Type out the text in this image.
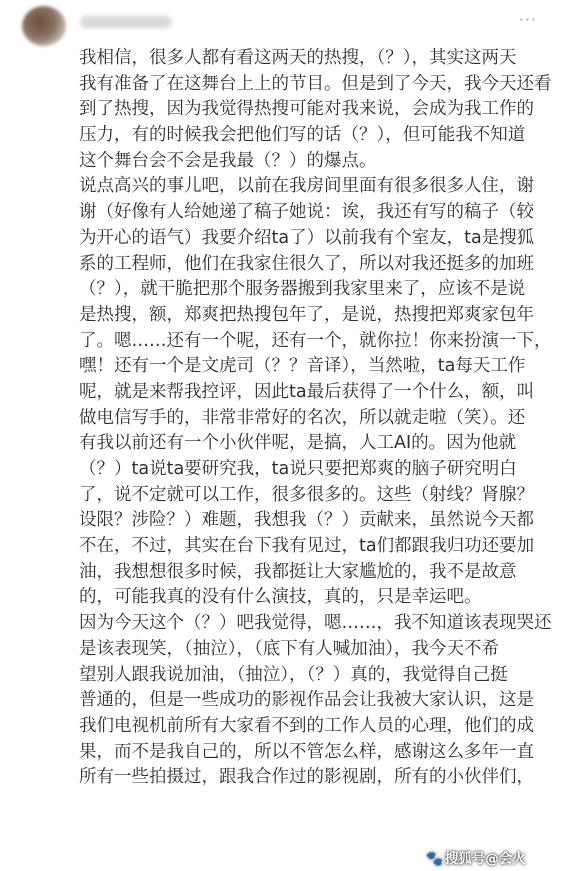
···
我相信，很多人都有看这两天的热搜，（？），其实这两天
我有准备了在这舞台上上的节目。但是到了今天，我今天还看
到了热搜，因为我觉得热搜可能对我来说，会成为我工作的
压力，有的时候我会把他们写的话（？），但可能我不知道
这个舞台会不会是我最（？）的爆点。
说点高兴的事儿吧，以前在我房间里面有很多很多人住，谢
谢（好像有人给她递了稿子她说：诶，我还有写的稿子（较
为开心的语气）我要介绍ta了）以前我有个室友，ta是搜狐
系的工程师，他们在我家住很久了，所以对我还挺多的加班
（？），就干脆把那个服务器搬到我家里来了，应该不是说
是热搜，额，郑爽把热搜包年了，是说，热搜把郑爽家包年
了。嗯……还有一个呢，还有一个，就你拉！你来扮演一下，
嘿！还有一个是文虎司（？？音译），当然啦，ta每天工作
呢，就是来帮我控评，因此ta最后获得了一个什么，额，叫
做电信写手的，非常非常好的名次，所以就走啦（笑）。还
有我以前还有一个小伙伴呢，是搞，人工AI的。因为他就
（？）ta说ta要研究我，ta说只要把郑爽的脑子研究明白
了，说不定就可以工作，很多很多的。这些（射线？肾腺？
设限？涉险？）难题，我想我（？）贡献来，虽然说今天都
不在，不过，其实在台下我有见过，ta们都跟我归功还要加
油，我想想很多时候，我都挺让大家尴尬的，我不是故意
的，可能我真的没有什么演技，真的，只是幸运吧。
因为今天这个（？）吧我觉得，嗯……，我不知道该表现哭还
是该表现笑，（抽泣），（底下有人喊加油），我今天不希
望别人跟我说加油，（抽泣），（？）真的，我觉得自己挺
普通的，但是一些成功的影视作品会让我被大家认识，这是
我们电视机前所有大家看不到的工作人员的心理，他们的成
果，而不是我自己的，所以不管怎么样，感谢这么多年一直
所有一些拍摄过，跟我合作过的影视剧，所有的小伙伴们，
🐾 搜狐号@会火
